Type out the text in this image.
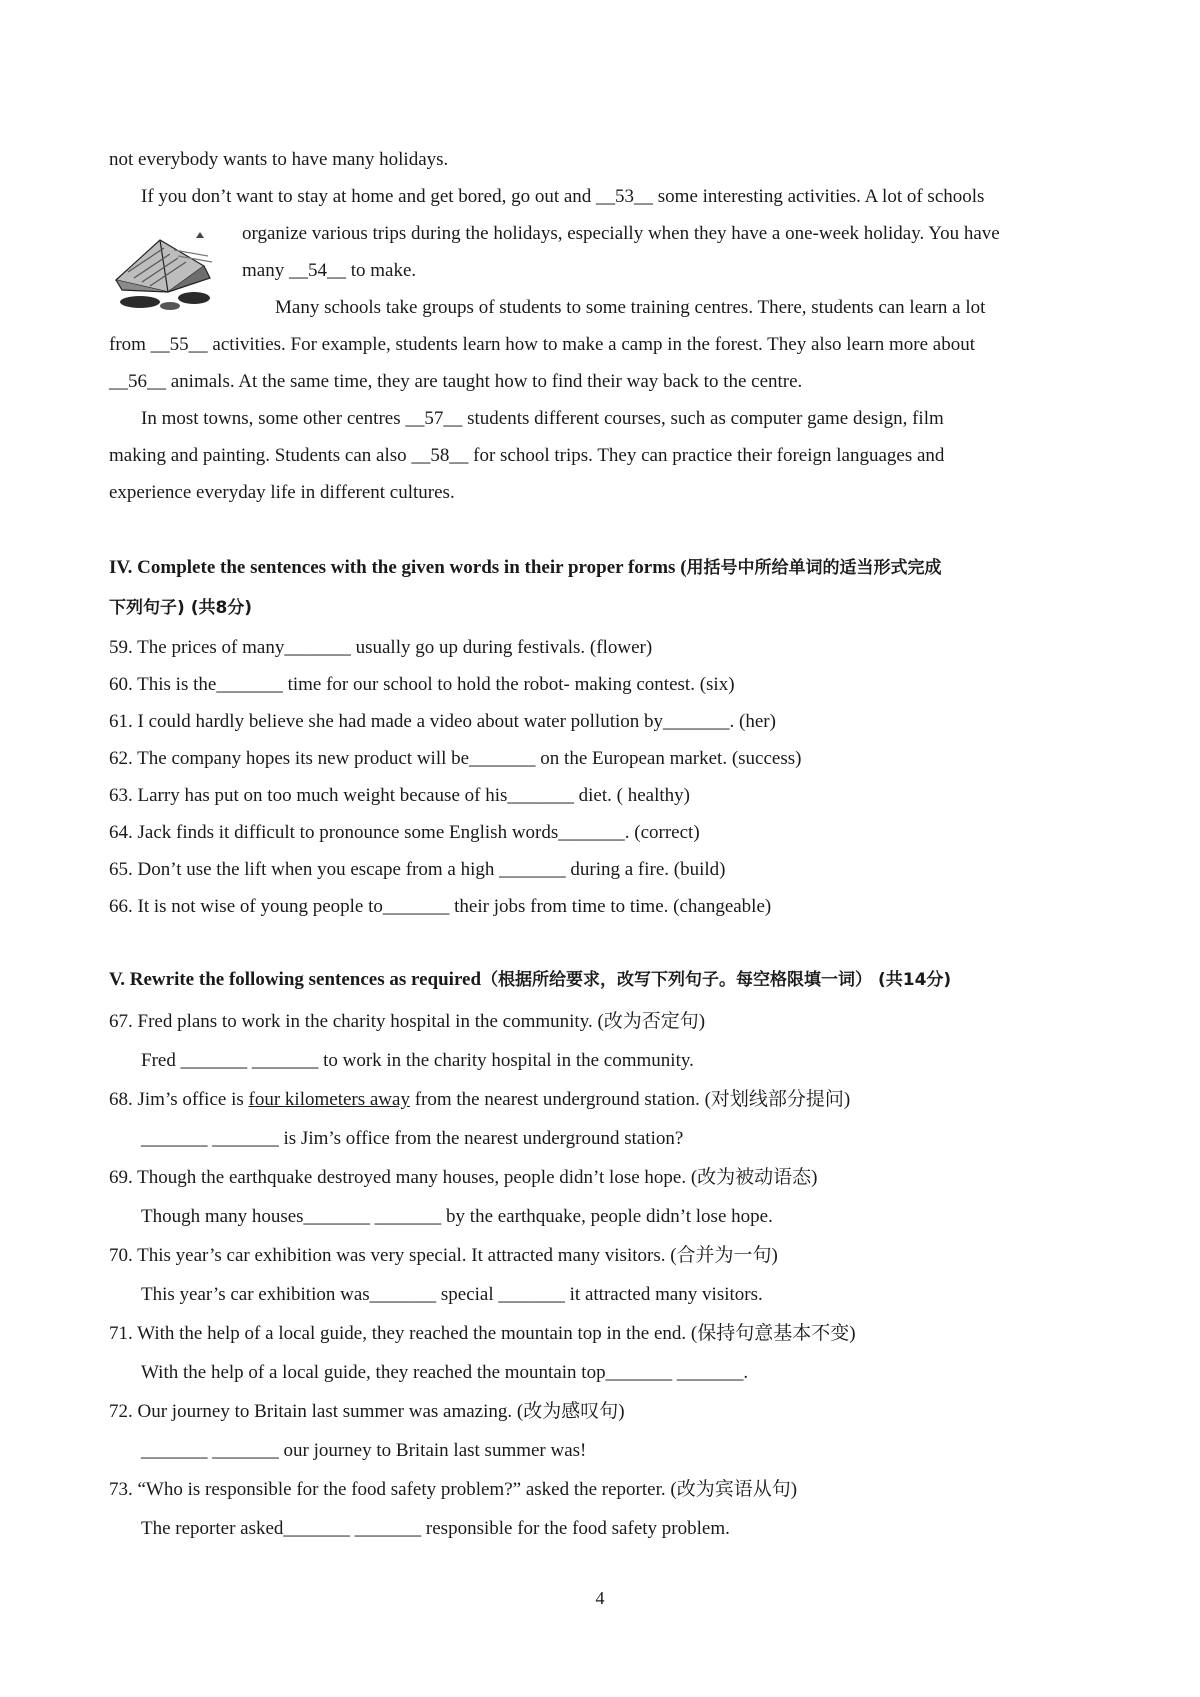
not everybody wants to have many holidays.
If you don’t want to stay at home and get bored, go out and __53__ some interesting activities. A lot of schools
organize various trips during the holidays, especially when they have a one-week holiday. You have
many __54__ to make.
Many schools take groups of students to some training centres. There, students can learn a lot
from __55__ activities. For example, students learn how to make a camp in the forest. They also learn more about
__56__ animals. At the same time, they are taught how to find their way back to the centre.
In most towns, some other centres __57__ students different courses, such as computer game design, film
making and painting. Students can also __58__ for school trips. They can practice their foreign languages and
experience everyday life in different cultures.
IV. Complete the sentences with the given words in their proper forms (用括号中所给单词的适当形式完成
下列句子) (共8分)
59. The prices of many_______ usually go up during festivals. (flower)
60. This is the_______ time for our school to hold the robot- making contest. (six)
61. I could hardly believe she had made a video about water pollution by_______. (her)
62. The company hopes its new product will be_______ on the European market. (success)
63. Larry has put on too much weight because of his_______ diet. ( healthy)
64. Jack finds it difficult to pronounce some English words_______. (correct)
65. Don’t use the lift when you escape from a high _______ during a fire. (build)
66. It is not wise of young people to_______ their jobs from time to time. (changeable)
V. Rewrite the following sentences as required（根据所给要求，改写下列句子。每空格限填一词） (共14分)
67. Fred plans to work in the charity hospital in the community. (改为否定句)
Fred _______ _______ to work in the charity hospital in the community.
68. Jim’s office is four kilometers away from the nearest underground station. (对划线部分提问)
_______ _______ is Jim’s office from the nearest underground station?
69. Though the earthquake destroyed many houses, people didn’t lose hope. (改为被动语态)
Though many houses_______ _______ by the earthquake, people didn’t lose hope.
70. This year’s car exhibition was very special. It attracted many visitors. (合并为一句)
This year’s car exhibition was_______ special _______ it attracted many visitors.
71. With the help of a local guide, they reached the mountain top in the end. (保持句意基本不变)
With the help of a local guide, they reached the mountain top_______ _______.
72. Our journey to Britain last summer was amazing. (改为感叹句)
_______ _______ our journey to Britain last summer was!
73. “Who is responsible for the food safety problem?” asked the reporter. (改为宾语从句)
The reporter asked_______ _______ responsible for the food safety problem.
4
